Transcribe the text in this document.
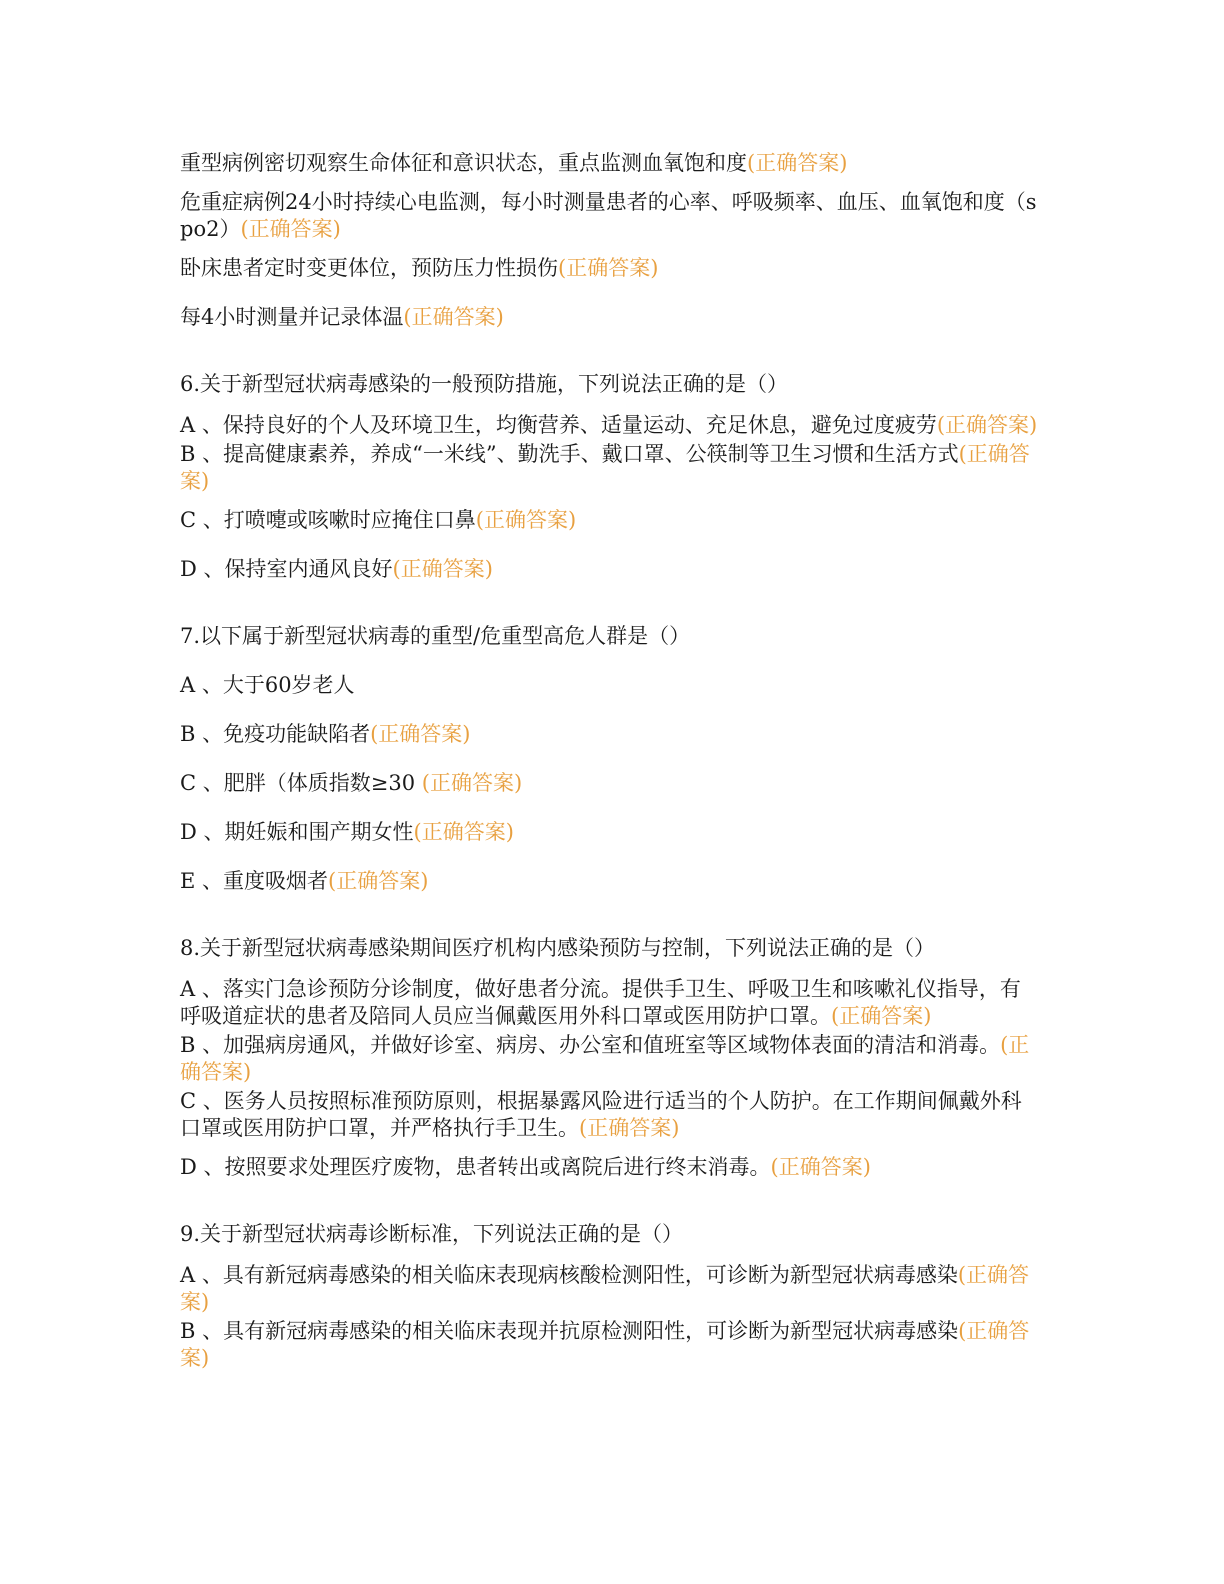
重型病例密切观察生命体征和意识状态，重点监测血氧饱和度(正确答案)
危重症病例24小时持续心电监测，每小时测量患者的心率、呼吸频率、血压、血氧饱和度（spo2）(正确答案)
卧床患者定时变更体位，预防压力性损伤(正确答案)
每4小时测量并记录体温(正确答案)
6.关于新型冠状病毒感染的一般预防措施，下列说法正确的是（）
A 、保持良好的个人及环境卫生，均衡营养、适量运动、充足休息，避免过度疲劳(正确答案)
B 、提高健康素养，养成“一米线”、勤洗手、戴口罩、公筷制等卫生习惯和生活方式(正确答案)
C 、打喷嚏或咳嗽时应掩住口鼻(正确答案)
D 、保持室内通风良好(正确答案)
7.以下属于新型冠状病毒的重型/危重型高危人群是（）
A 、大于60岁老人
B 、免疫功能缺陷者(正确答案)
C 、肥胖（体质指数≥30 (正确答案)
D 、期妊娠和围产期女性(正确答案)
E 、重度吸烟者(正确答案)
8.关于新型冠状病毒感染期间医疗机构内感染预防与控制，下列说法正确的是（）
A 、落实门急诊预防分诊制度，做好患者分流。提供手卫生、呼吸卫生和咳嗽礼仪指导，有呼吸道症状的患者及陪同人员应当佩戴医用外科口罩或医用防护口罩。(正确答案)
B 、加强病房通风，并做好诊室、病房、办公室和值班室等区域物体表面的清洁和消毒。(正确答案)
C 、医务人员按照标准预防原则，根据暴露风险进行适当的个人防护。在工作期间佩戴外科口罩或医用防护口罩，并严格执行手卫生。(正确答案)
D 、按照要求处理医疗废物，患者转出或离院后进行终末消毒。(正确答案)
9.关于新型冠状病毒诊断标准，下列说法正确的是（）
A 、具有新冠病毒感染的相关临床表现病核酸检测阳性，可诊断为新型冠状病毒感染(正确答案)
B 、具有新冠病毒感染的相关临床表现并抗原检测阳性，可诊断为新型冠状病毒感染(正确答案)
